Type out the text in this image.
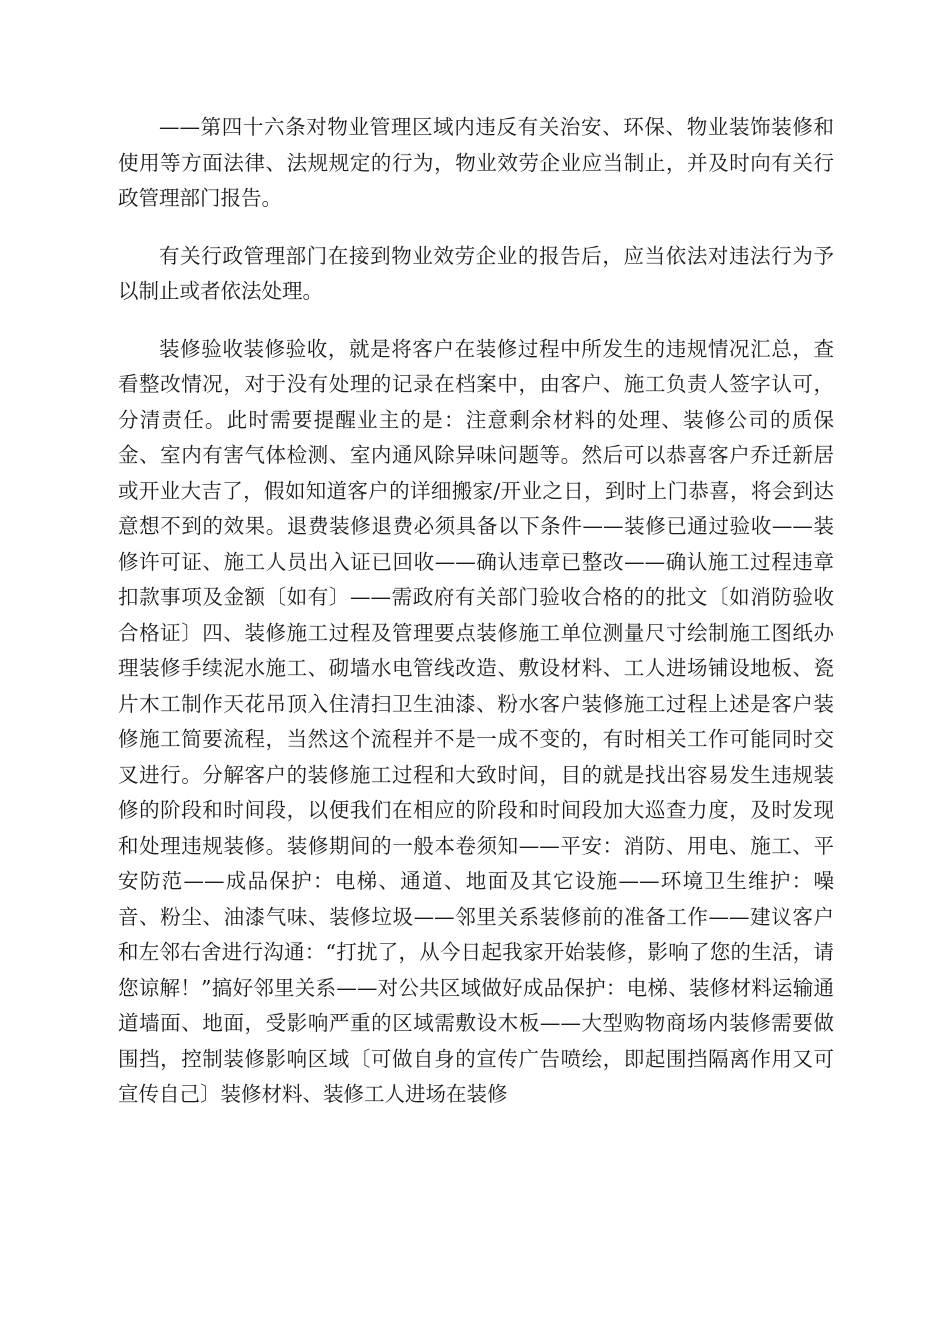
——第四十六条对物业管理区域内违反有关治安、环保、物业装饰装修和使用等方面法律、法规规定的行为，物业效劳企业应当制止，并及时向有关行政管理部门报告。

有关行政管理部门在接到物业效劳企业的报告后，应当依法对违法行为予以制止或者依法处理。

装修验收装修验收，就是将客户在装修过程中所发生的违规情况汇总，查看整改情况，对于没有处理的记录在档案中，由客户、施工负责人签字认可，分清责任。此时需要提醒业主的是：注意剩余材料的处理、装修公司的质保金、室内有害气体检测、室内通风除异味问题等。然后可以恭喜客户乔迁新居或开业大吉了，假如知道客户的详细搬家/开业之日，到时上门恭喜，将会到达意想不到的效果。退费装修退费必须具备以下条件——装修已通过验收——装修许可证、施工人员出入证已回收——确认违章已整改——确认施工过程违章扣款事项及金额〔如有〕——需政府有关部门验收合格的的批文〔如消防验收合格证〕四、装修施工过程及管理要点装修施工单位测量尺寸绘制施工图纸办理装修手续泥水施工、砌墙水电管线改造、敷设材料、工人进场铺设地板、瓷片木工制作天花吊顶入住清扫卫生油漆、粉水客户装修施工过程上述是客户装修施工简要流程，当然这个流程并不是一成不变的，有时相关工作可能同时交叉进行。分解客户的装修施工过程和大致时间，目的就是找出容易发生违规装修的阶段和时间段，以便我们在相应的阶段和时间段加大巡查力度，及时发现和处理违规装修。装修期间的一般本卷须知——平安：消防、用电、施工、平安防范——成品保护：电梯、通道、地面及其它设施——环境卫生维护：噪音、粉尘、油漆气味、装修垃圾——邻里关系装修前的准备工作——建议客户和左邻右舍进行沟通：“打扰了，从今日起我家开始装修，影响了您的生活，请您谅解！”搞好邻里关系——对公共区域做好成品保护：电梯、装修材料运输通道墙面、地面，受影响严重的区域需敷设木板——大型购物商场内装修需要做围挡，控制装修影响区域〔可做自身的宣传广告喷绘，即起围挡隔离作用又可宣传自己〕装修材料、装修工人进场在装修
